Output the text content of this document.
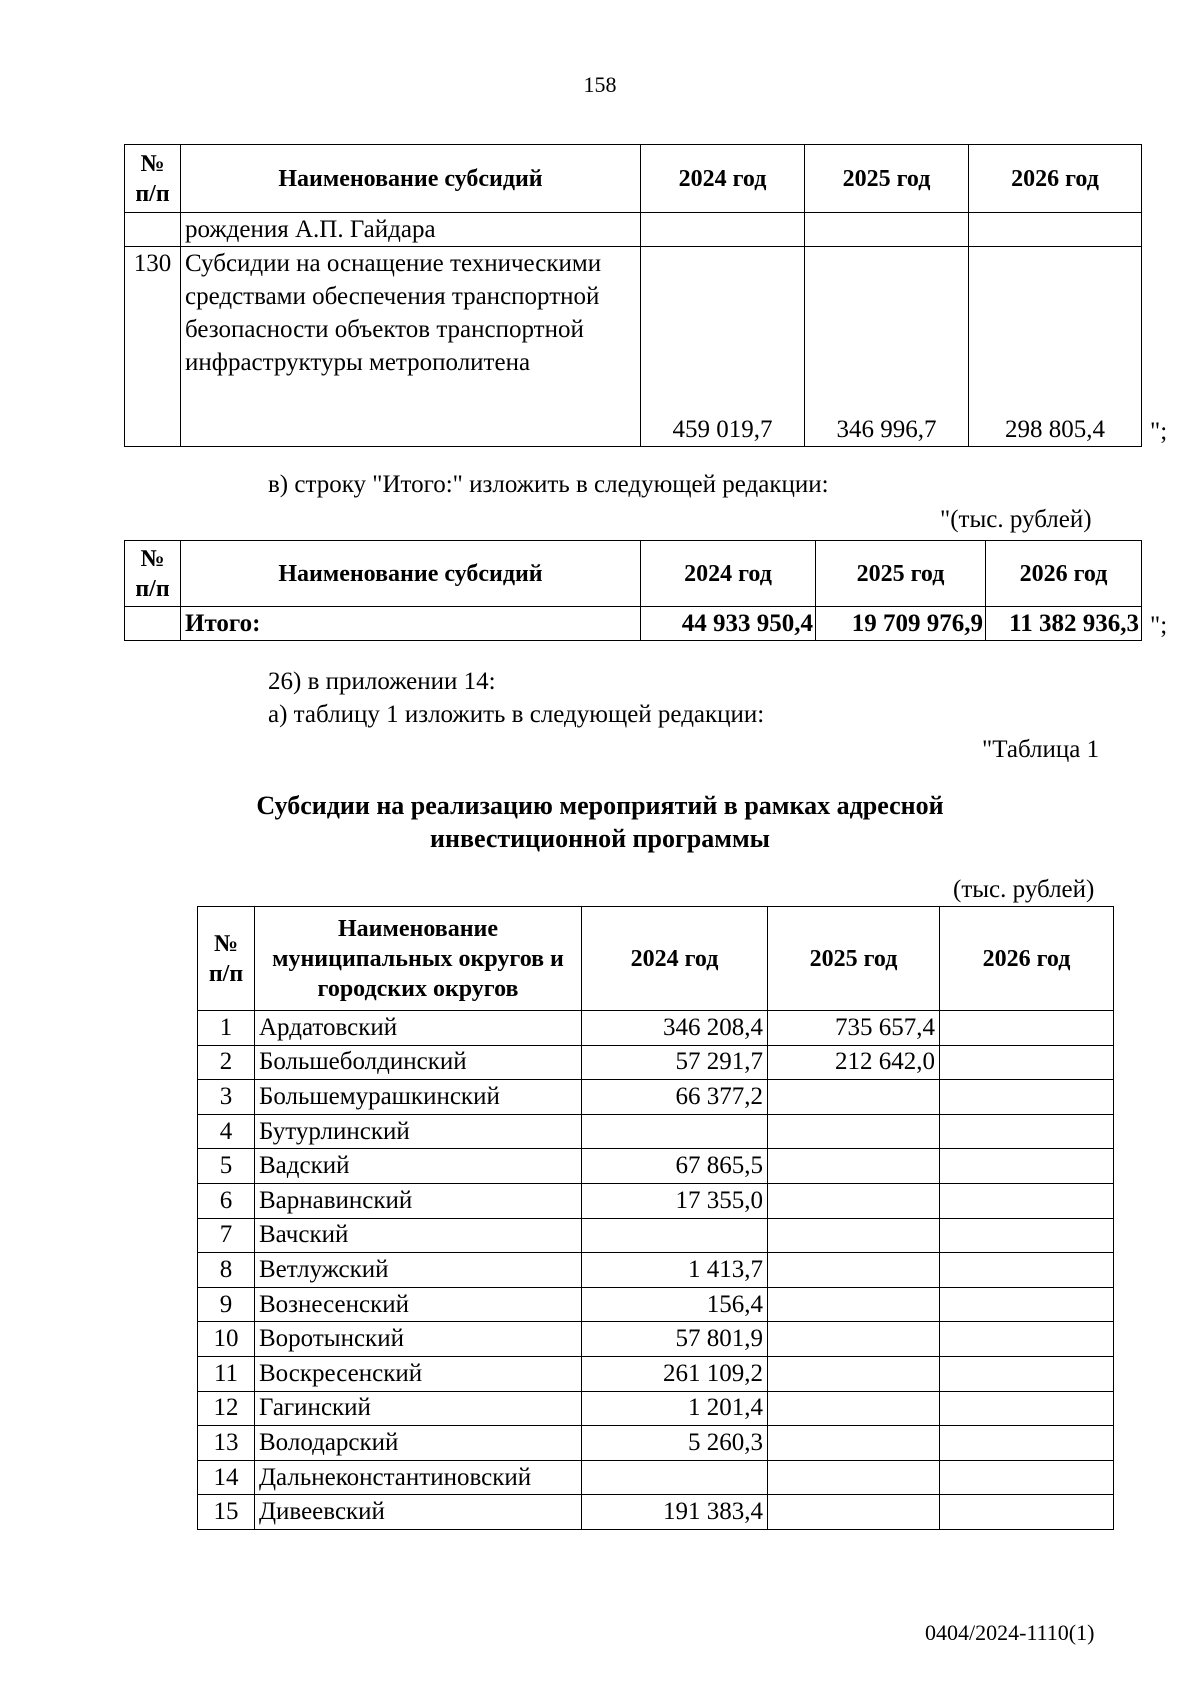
158
№ п/п	Наименование субсидий	2024 год	2025 год	2026 год
	рождения А.П. Гайдара			
130	Субсидии на оснащение техническими средствами обеспечения транспортной безопасности объектов транспортной инфраструктуры метрополитена	459 019,7	346 996,7	298 805,4 ";
в) строку "Итого:" изложить в следующей редакции:
"(тыс. рублей)
№ п/п	Наименование субсидий	2024 год	2025 год	2026 год
	Итого:	44 933 950,4	19 709 976,9	11 382 936,3 ";
26) в приложении 14:
а) таблицу 1 изложить в следующей редакции:
"Таблица 1
Субсидии на реализацию мероприятий в рамках адресной
инвестиционной программы
(тыс. рублей)
№ п/п	Наименование муниципальных округов и городских округов	2024 год	2025 год	2026 год
1	Ардатовский	346 208,4	735 657,4	
2	Большеболдинский	57 291,7	212 642,0	
3	Большемурашкинский	66 377,2		
4	Бутурлинский			
5	Вадский	67 865,5		
6	Варнавинский	17 355,0		
7	Вачский			
8	Ветлужский	1 413,7		
9	Вознесенский	156,4		
10	Воротынский	57 801,9		
11	Воскресенский	261 109,2		
12	Гагинский	1 201,4		
13	Володарский	5 260,3		
14	Дальнеконстантиновский			
15	Дивеевский	191 383,4		
0404/2024-1110(1)
